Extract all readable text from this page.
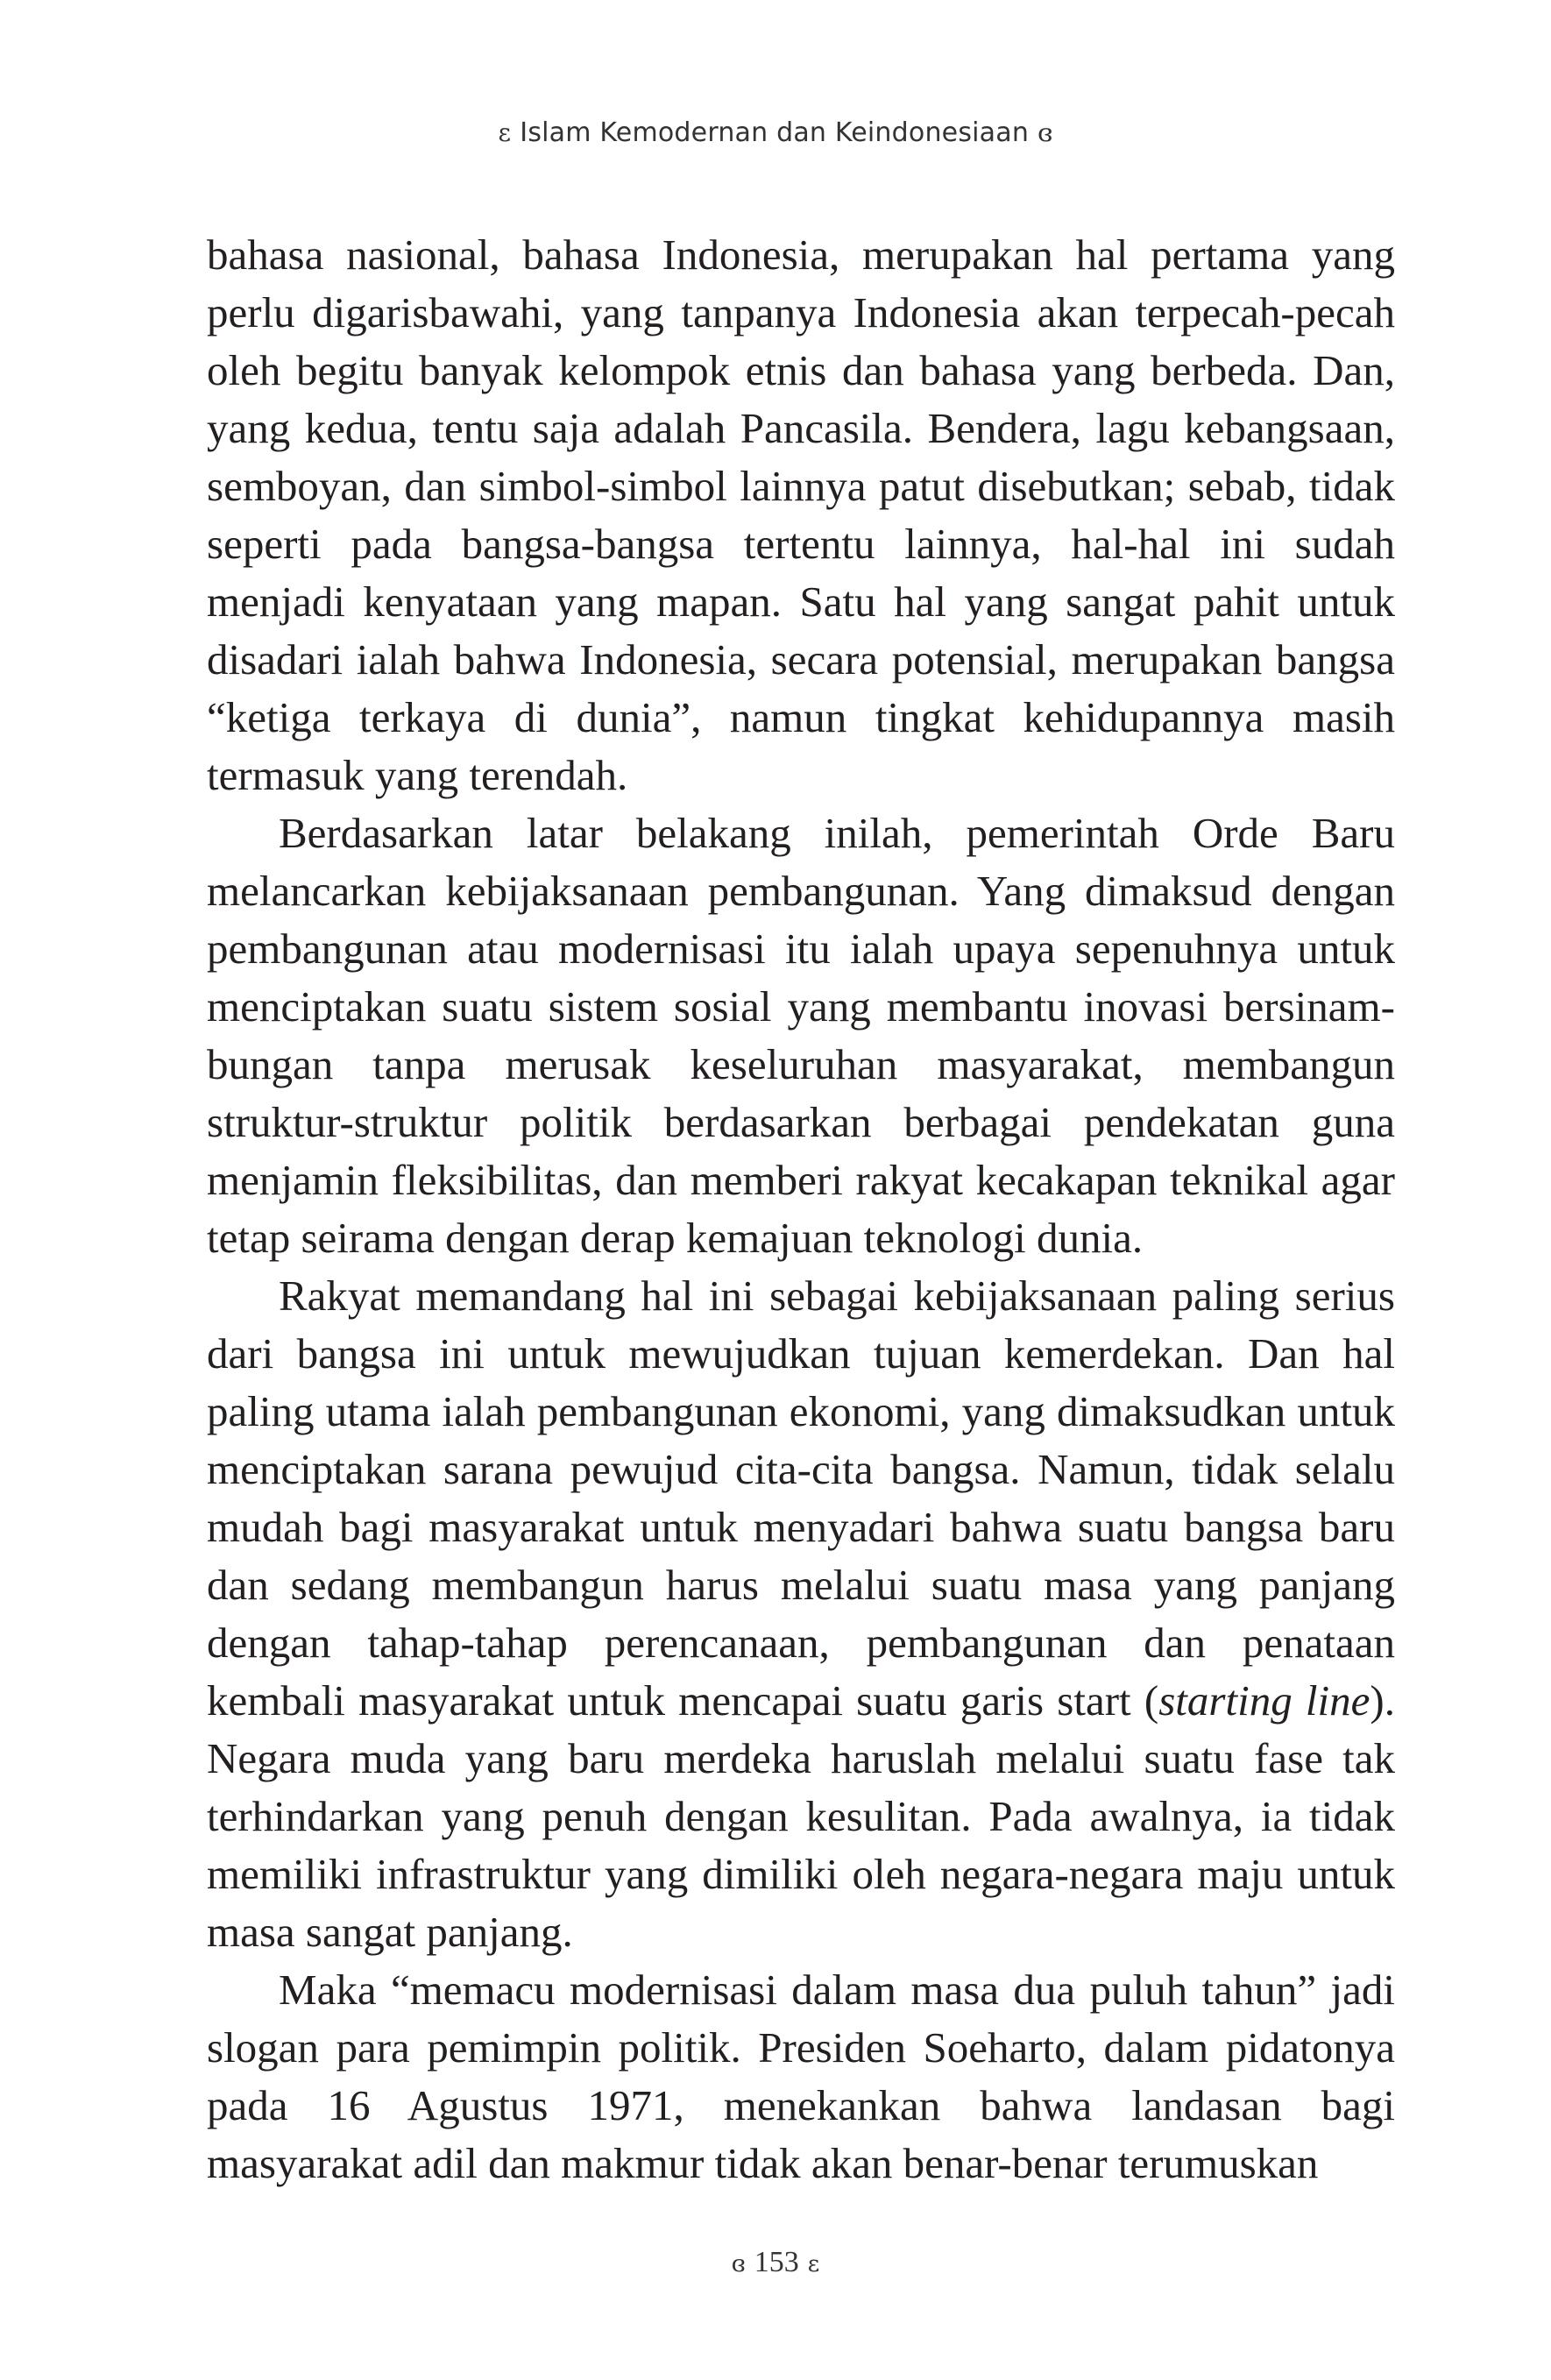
ɛ Islam Kemodernan dan Keindonesiaan ɞ

bahasa nasional, bahasa Indonesia, merupakan hal pertama yang perlu digarisbawahi, yang tanpanya Indonesia akan terpecah-pecah oleh begitu banyak kelompok etnis dan bahasa yang berbeda. Dan, yang kedua, tentu saja adalah Pancasila. Bendera, lagu kebangsaan, semboyan, dan simbol-simbol lainnya patut disebutkan; sebab, tidak seperti pada bangsa-bangsa tertentu lainnya, hal-hal ini sudah menjadi kenyataan yang mapan. Satu hal yang sangat pahit untuk disadari ialah bahwa Indonesia, secara potensial, merupakan bangsa “ketiga terkaya di dunia”, namun tingkat kehidupannya masih termasuk yang terendah.

Berdasarkan latar belakang inilah, pemerintah Orde Baru melancarkan kebijaksanaan pembangunan. Yang dimaksud dengan pembangunan atau modernisasi itu ialah upaya sepenuhnya untuk menciptakan suatu sistem sosial yang membantu inovasi bersinambungan tanpa merusak keseluruhan masyarakat, membangun struktur-struktur politik berdasarkan berbagai pendekatan guna menjamin fleksibilitas, dan memberi rakyat kecakapan teknikal agar tetap seirama dengan derap kemajuan teknologi dunia.

Rakyat memandang hal ini sebagai kebijaksanaan paling serius dari bangsa ini untuk mewujudkan tujuan kemerdekan. Dan hal paling utama ialah pembangunan ekonomi, yang dimaksudkan untuk menciptakan sarana pewujud cita-cita bangsa. Namun, tidak selalu mudah bagi masyarakat untuk menyadari bahwa suatu bangsa baru dan sedang membangun harus melalui suatu masa yang panjang dengan tahap-tahap perencanaan, pembangunan dan penataan kembali masyarakat untuk mencapai suatu garis start (starting line). Negara muda yang baru merdeka haruslah melalui suatu fase tak terhindarkan yang penuh dengan kesulitan. Pada awalnya, ia tidak memiliki infrastruktur yang dimiliki oleh negara-negara maju untuk masa sangat panjang.

Maka “memacu modernisasi dalam masa dua puluh tahun” jadi slogan para pemimpin politik. Presiden Soeharto, dalam pidatonya pada 16 Agustus 1971, menekankan bahwa landasan bagi masyarakat adil dan makmur tidak akan benar-benar terumuskan

ɞ 153 ɛ
